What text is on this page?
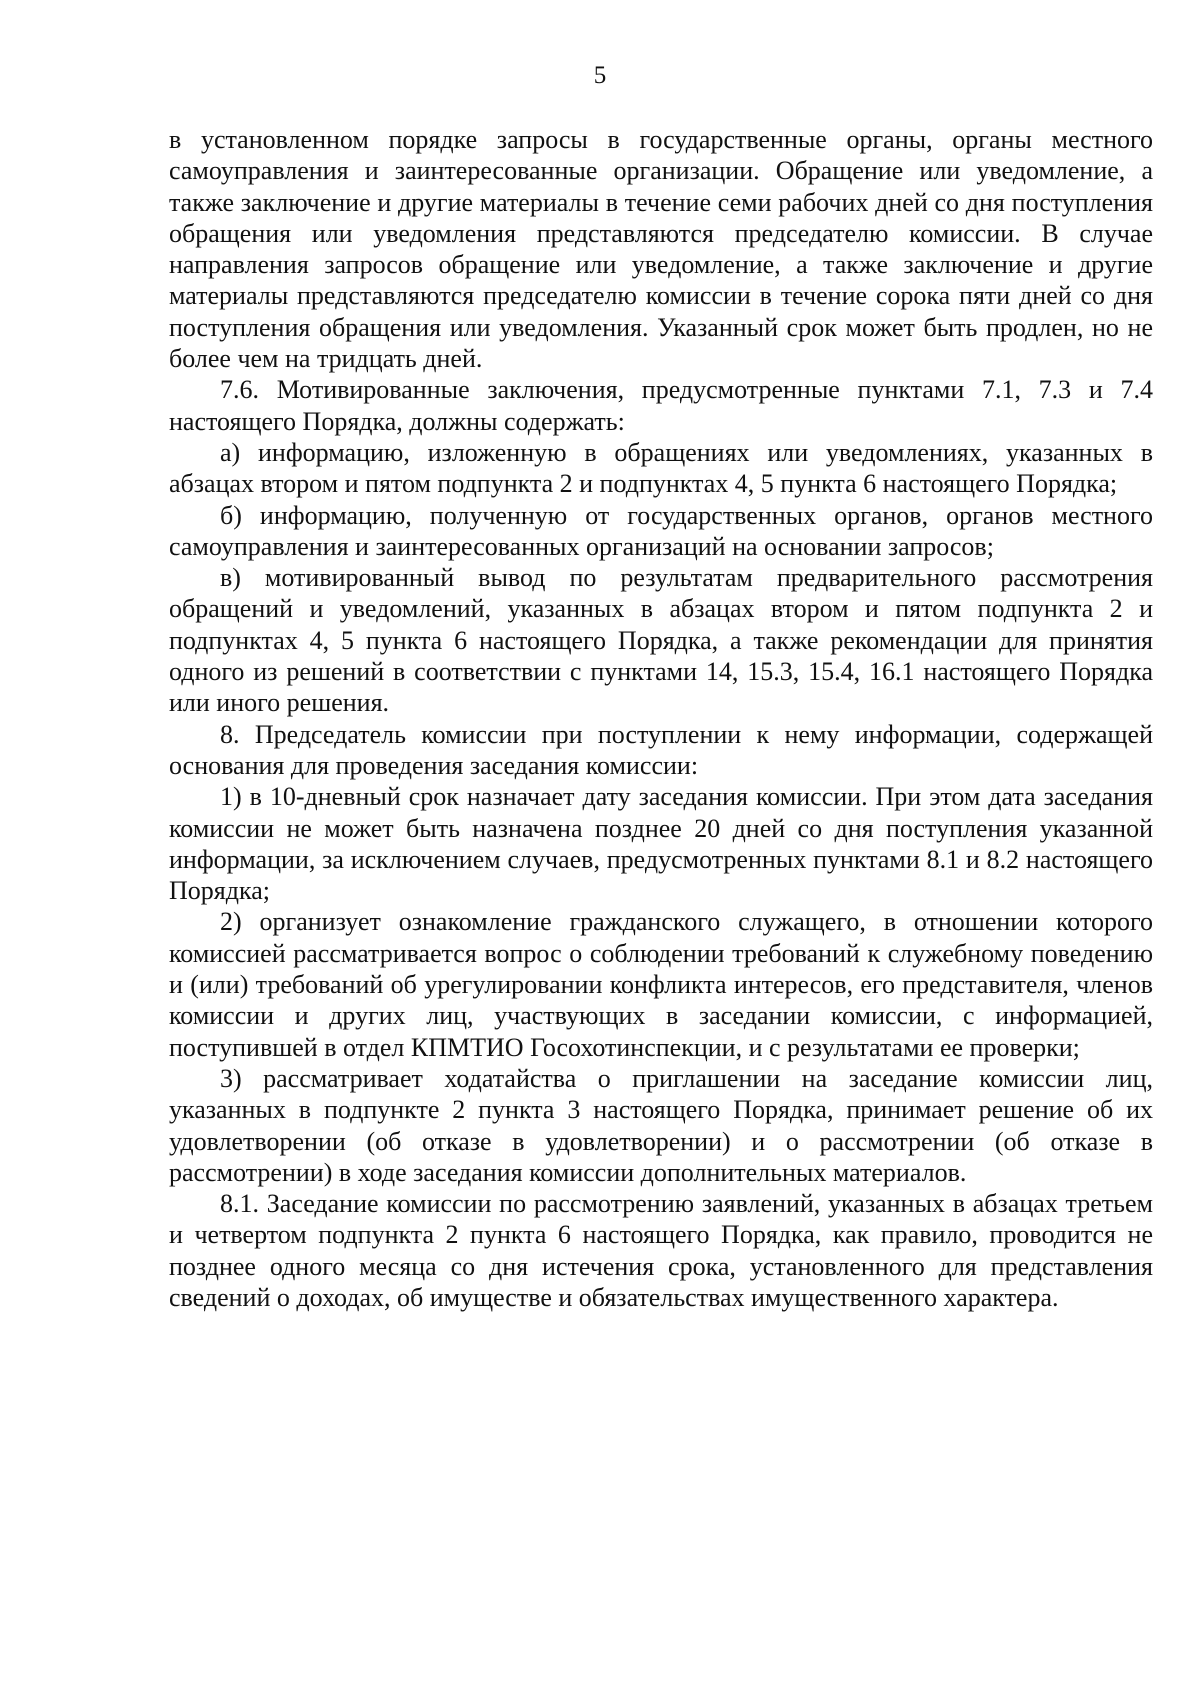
5

в установленном порядке запросы в государственные органы, органы местного самоуправления и заинтересованные организации. Обращение или уведомление, а также заключение и другие материалы в течение семи рабочих дней со дня поступления обращения или уведомления представляются председателю комиссии. В случае направления запросов обращение или уведомление, а также заключение и другие материалы представляются председателю комиссии в течение сорока пяти дней со дня поступления обращения или уведомления. Указанный срок может быть продлен, но не более чем на тридцать дней.

7.6. Мотивированные заключения, предусмотренные пунктами 7.1, 7.3 и 7.4 настоящего Порядка, должны содержать:

а) информацию, изложенную в обращениях или уведомлениях, указанных в абзацах втором и пятом подпункта 2 и подпунктах 4, 5 пункта 6 настоящего Порядка;

б) информацию, полученную от государственных органов, органов местного самоуправления и заинтересованных организаций на основании запросов;

в) мотивированный вывод по результатам предварительного рассмотрения обращений и уведомлений, указанных в абзацах втором и пятом подпункта 2 и подпунктах 4, 5 пункта 6 настоящего Порядка, а также рекомендации для принятия одного из решений в соответствии с пунктами 14, 15.3, 15.4, 16.1 настоящего Порядка или иного решения.

8. Председатель комиссии при поступлении к нему информации, содержащей основания для проведения заседания комиссии:

1) в 10-дневный срок назначает дату заседания комиссии. При этом дата заседания комиссии не может быть назначена позднее 20 дней со дня поступления указанной информации, за исключением случаев, предусмотренных пунктами 8.1 и 8.2 настоящего Порядка;

2) организует ознакомление гражданского служащего, в отношении которого комиссией рассматривается вопрос о соблюдении требований к служебному поведению и (или) требований об урегулировании конфликта интересов, его представителя, членов комиссии и других лиц, участвующих в заседании комиссии, с информацией, поступившей в отдел КПМТИО Госохотинспекции, и с результатами ее проверки;

3) рассматривает ходатайства о приглашении на заседание комиссии лиц, указанных в подпункте 2 пункта 3 настоящего Порядка, принимает решение об их удовлетворении (об отказе в удовлетворении) и о рассмотрении (об отказе в рассмотрении) в ходе заседания комиссии дополнительных материалов.

8.1. Заседание комиссии по рассмотрению заявлений, указанных в абзацах третьем и четвертом подпункта 2 пункта 6 настоящего Порядка, как правило, проводится не позднее одного месяца со дня истечения срока, установленного для представления сведений о доходах, об имуществе и обязательствах имущественного характера.
